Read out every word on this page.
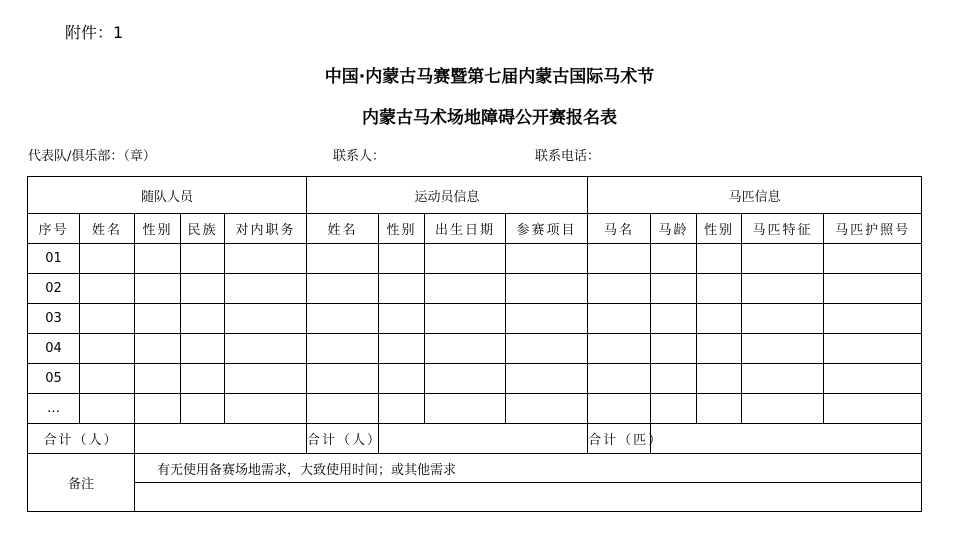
附件：1
中国·内蒙古马赛暨第七届内蒙古国际马术节
内蒙古马术场地障碍公开赛报名表
代表队/俱乐部：（章）	联系人：	联系电话：
随队人员					运动员信息				马匹信息				
序号	姓名	性别	民族	对内职务	姓名	性别	出生日期	参赛项目	马名	马龄	性别	马匹特征	马匹护照号
01													
02													
03													
04													
05													
…													
合计（人）					合计（人）				合计（匹）				
备注		有无使用备赛场地需求，大致使用时间；或其他需求											
